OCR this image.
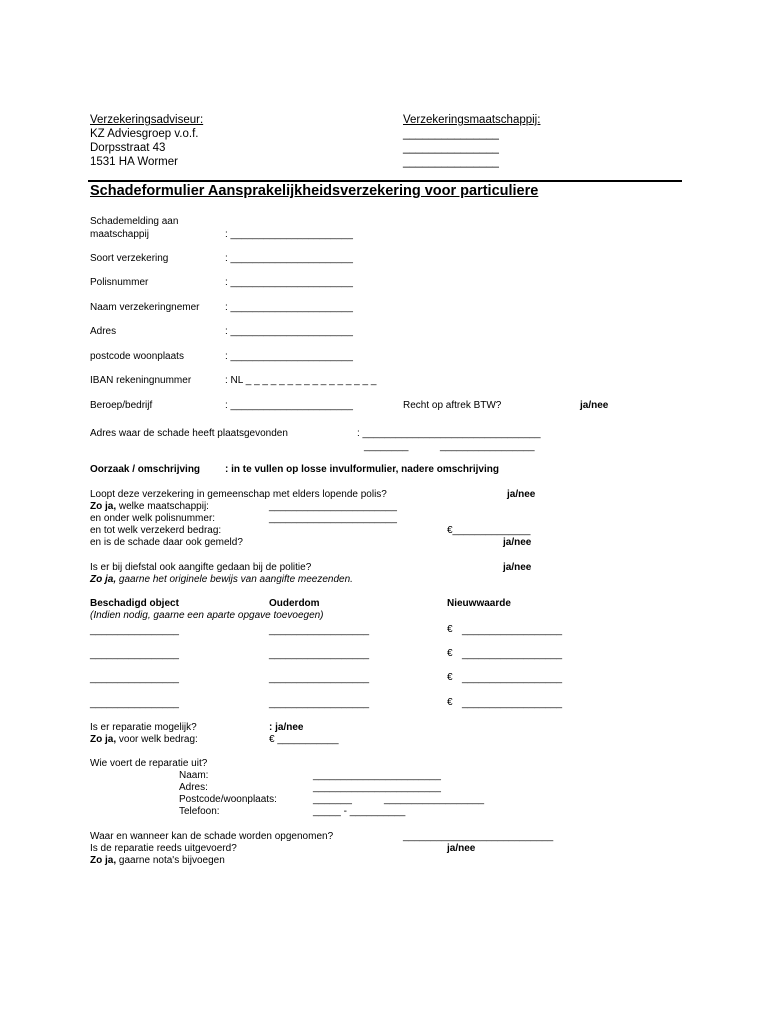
Verzekeringsadviseur:
KZ Adviesgroep v.o.f.
Dorpsstraat 43
1531 HA Wormer
Verzekeringsmaatschappij:
_______________
_______________
_______________
Schadeformulier Aansprakelijkheidsverzekering voor particuliere
Schademelding aan
maatschappij	: ______________________
Soort verzekering	: ______________________
Polisnummer	: ______________________
Naam verzekeringnemer	: ______________________
Adres	: ______________________
postcode woonplaats	: ______________________
IBAN rekeningnummer	: NL _ _ _ _ _ _ _ _ _ _ _ _ _ _ _ _
Beroep/bedrijf	: ______________________	Recht op aftrek BTW?	ja/nee
Adres waar de schade heeft plaatsgevonden	: ________________________________
________	_________________
Oorzaak / omschrijving : in te vullen op losse invulformulier, nadere omschrijving
Loopt deze verzekering in gemeenschap met elders lopende polis?	ja/nee
Zo ja, welke maatschappij:	_______________________
en onder welk polisnummer:	_______________________
en tot welk verzekerd bedrag:	€______________
en is de schade daar ook gemeld?	ja/nee
Is er bij diefstal ook aangifte gedaan bij de politie?	ja/nee
Zo ja, gaarne het originele bewijs van aangifte meezenden.
Beschadigd object	Ouderdom	Nieuwwaarde
(Indien nodig, gaarne een aparte opgave toevoegen)
________________	__________________	€ __________________
________________	__________________	€ __________________
________________	__________________	€ __________________
________________	__________________	€ __________________
Is er reparatie mogelijk?	: ja/nee
Zo ja, voor welk bedrag:	€ ___________
Wie voert de reparatie uit?
Naam:	_______________________
Adres:	_______________________
Postcode/woonplaats:	_______	__________________
Telefoon:	_____ - __________
Waar en wanneer kan de schade worden opgenomen?	___________________________
Is de reparatie reeds uitgevoerd?	ja/nee
Zo ja, gaarne nota's bijvoegen
